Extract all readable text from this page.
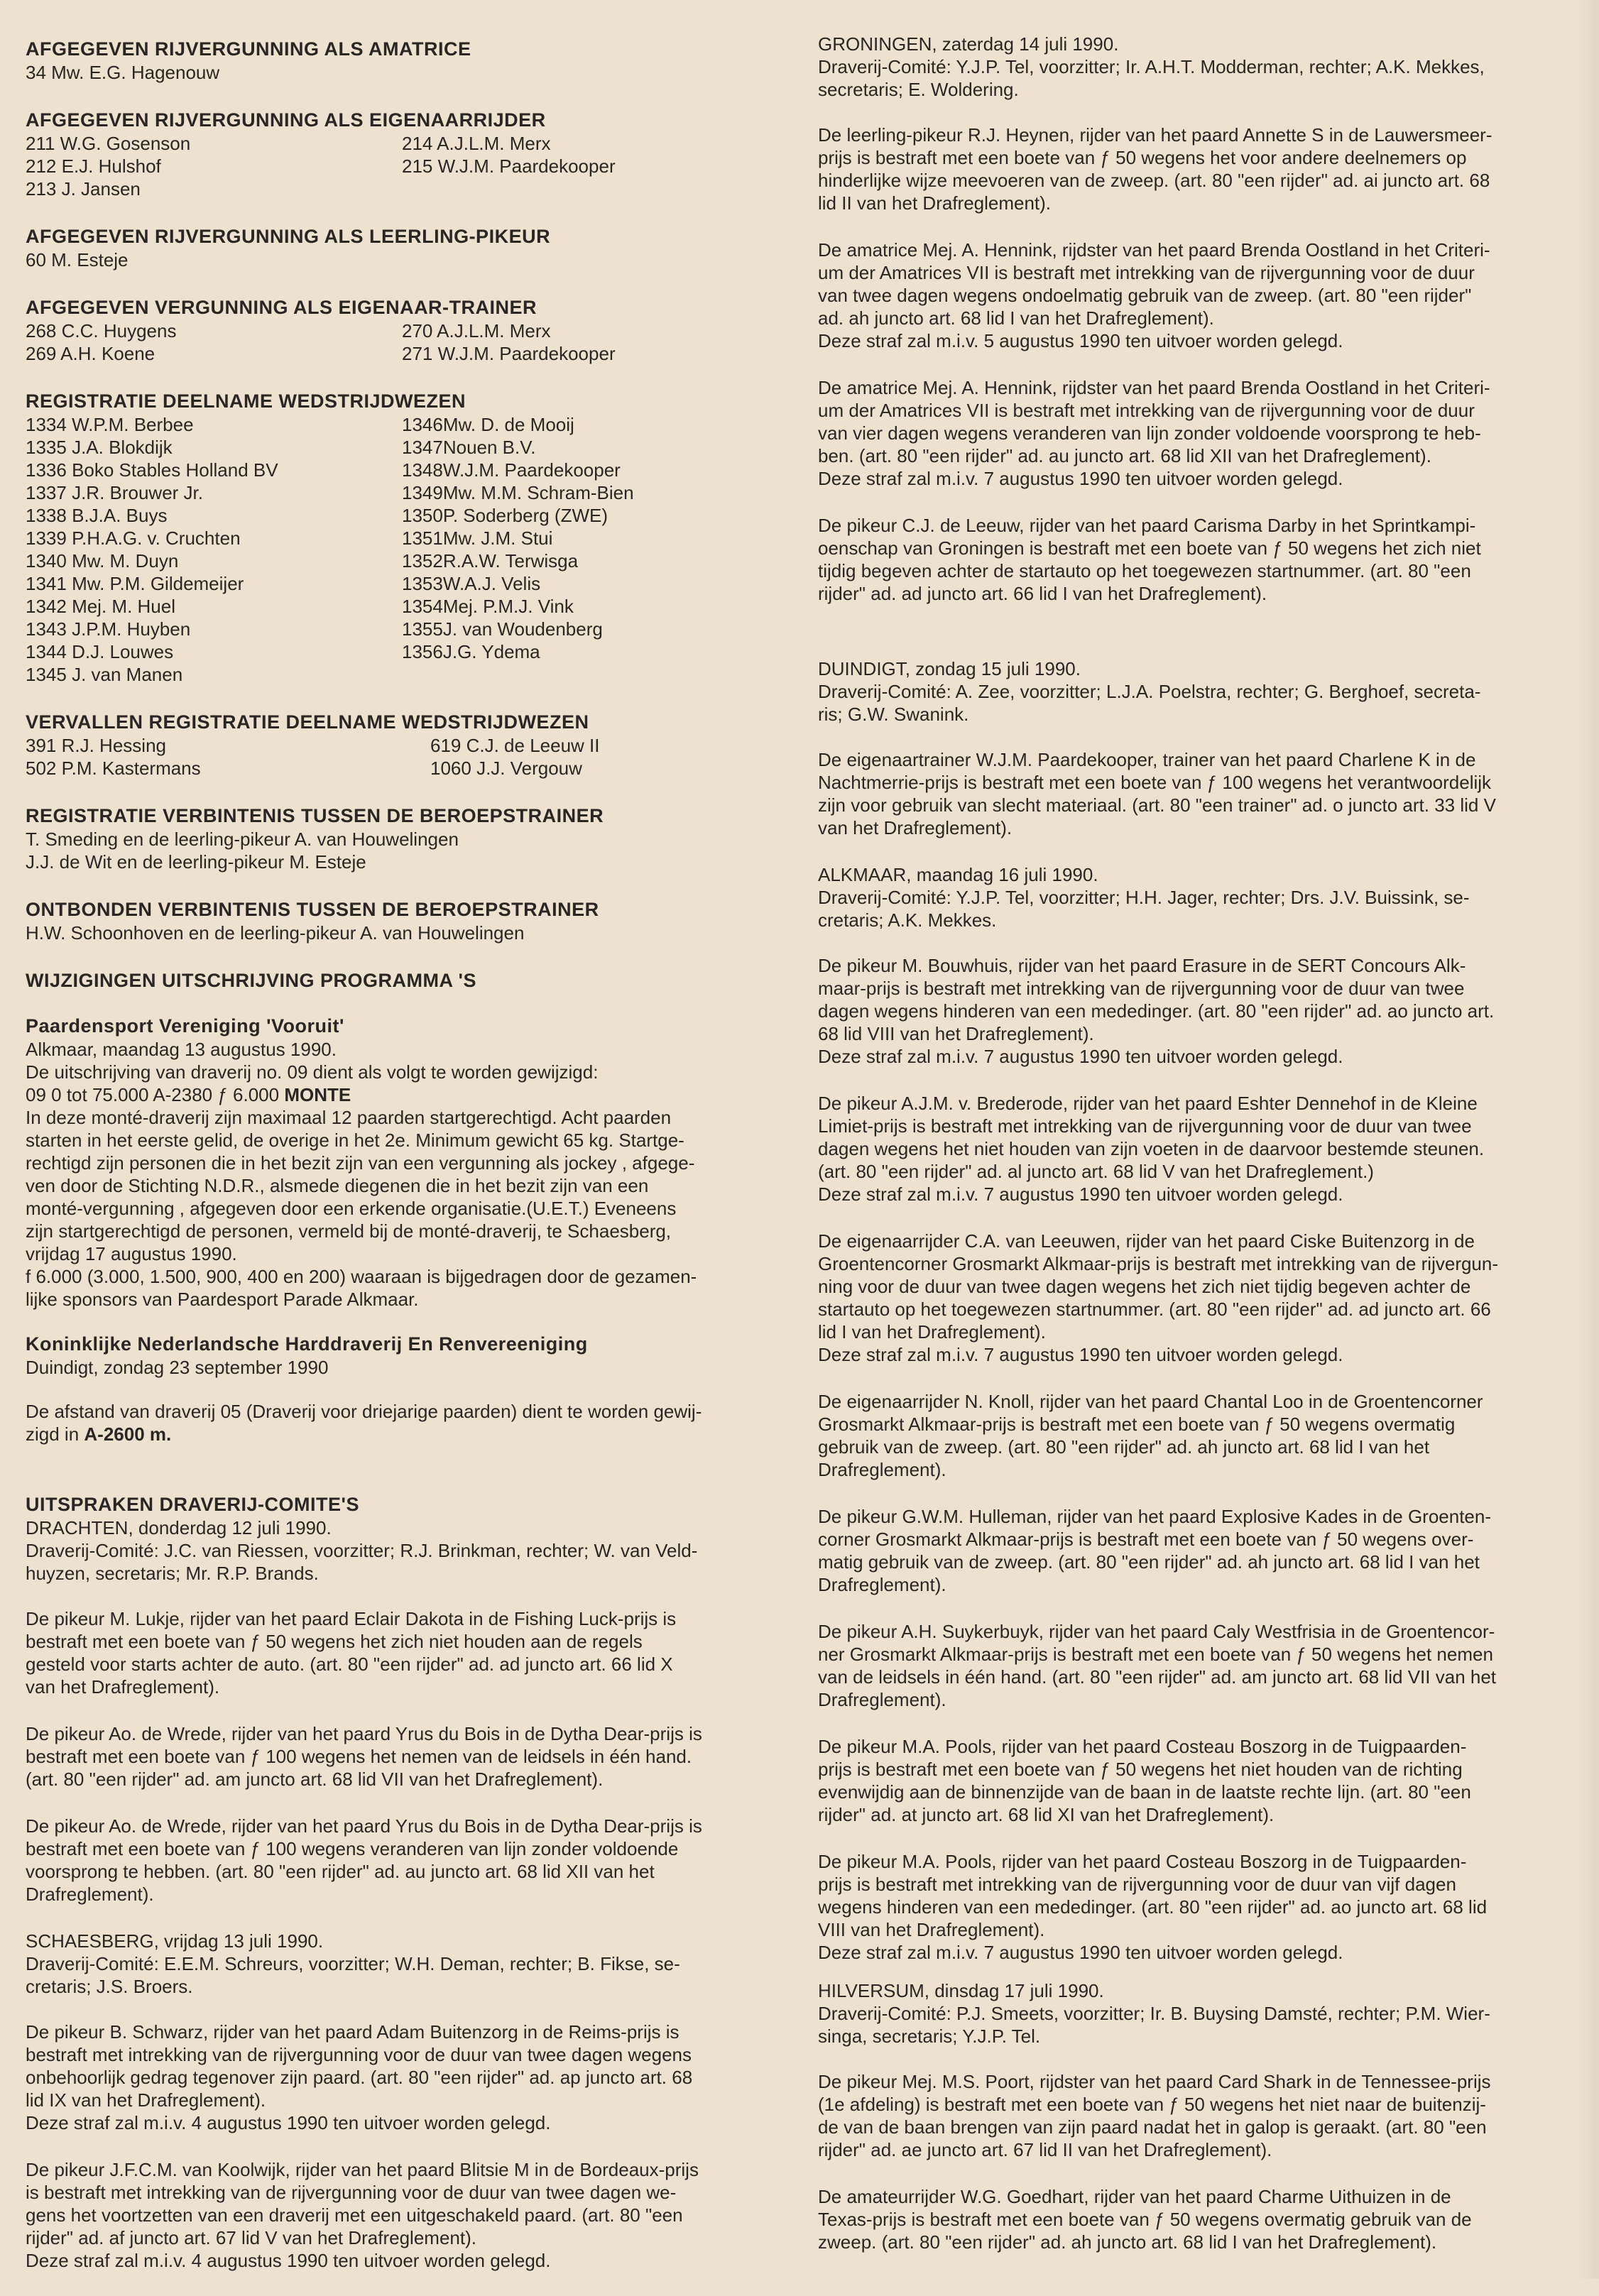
AFGEGEVEN RIJVERGUNNING ALS AMATRICE

34 Mw. E.G. Hagenouw

AFGEGEVEN RIJVERGUNNING ALS EIGENAARRIJDER

211 W.G. Gosenson
212 E.J. Hulshof
213 J. Jansen
214 A.J.L.M. Merx
215 W.J.M. Paardekooper

AFGEGEVEN RIJVERGUNNING ALS LEERLING-PIKEUR

60 M. Esteje

AFGEGEVEN VERGUNNING ALS EIGENAAR-TRAINER

268 C.C. Huygens
269 A.H. Koene
270 A.J.L.M. Merx
271 W.J.M. Paardekooper

REGISTRATIE DEELNAME WEDSTRIJDWEZEN

1334 W.P.M. Berbee
1335 J.A. Blokdijk
1336 Boko Stables Holland BV
1337 J.R. Brouwer Jr.
1338 B.J.A. Buys
1339 P.H.A.G. v. Cruchten
1340 Mw. M. Duyn
1341 Mw. P.M. Gildemeijer
1342 Mej. M. Huel
1343 J.P.M. Huyben
1344 D.J. Louwes
1345 J. van Manen
1346Mw. D. de Mooij
1347Nouen B.V.
1348W.J.M. Paardekooper
1349Mw. M.M. Schram-Bien
1350P. Soderberg (ZWE)
1351Mw. J.M. Stui
1352R.A.W. Terwisga
1353W.A.J. Velis
1354Mej. P.M.J. Vink
1355J. van Woudenberg
1356J.G. Ydema

VERVALLEN REGISTRATIE DEELNAME WEDSTRIJDWEZEN

391 R.J. Hessing
502 P.M. Kastermans
619 C.J. de Leeuw II
1060 J.J. Vergouw

REGISTRATIE VERBINTENIS TUSSEN DE BEROEPSTRAINER

T. Smeding en de leerling-pikeur A. van Houwelingen
J.J. de Wit en de leerling-pikeur M. Esteje

ONTBONDEN VERBINTENIS TUSSEN DE BEROEPSTRAINER

H.W. Schoonhoven en de leerling-pikeur A. van Houwelingen

WIJZIGINGEN UITSCHRIJVING PROGRAMMA 'S

Paardensport Vereniging 'Vooruit'

Alkmaar, maandag 13 augustus 1990.
De uitschrijving van draverij no. 09 dient als volgt te worden gewijzigd:

09 0 tot 75.000 A-2380 ƒ 6.000 MONTE

In deze monté-draverij zijn maximaal 12 paarden startgerechtigd. Acht paarden
starten in het eerste gelid, de overige in het 2e. Minimum gewicht 65 kg. Startge-
rechtigd zijn personen die in het bezit zijn van een vergunning als jockey , afgege-
ven door de Stichting N.D.R., alsmede diegenen die in het bezit zijn van een
monté-vergunning , afgegeven door een erkende organisatie.(U.E.T.) Eveneens
zijn startgerechtigd de personen, vermeld bij de monté-draverij, te Schaesberg,
vrijdag 17 augustus 1990.
f 6.000 (3.000, 1.500, 900, 400 en 200) waaraan is bijgedragen door de gezamen-
lijke sponsors van Paardesport Parade Alkmaar.

Koninklijke Nederlandsche Harddraverij En Renvereeniging

Duindigt, zondag 23 september 1990

De afstand van draverij 05 (Draverij voor driejarige paarden) dient te worden gewij-

zigd in A-2600 m.

UITSPRAKEN DRAVERIJ-COMITE'S

DRACHTEN, donderdag 12 juli 1990.
Draverij-Comité: J.C. van Riessen, voorzitter; R.J. Brinkman, rechter; W. van Veld-
huyzen, secretaris; Mr. R.P. Brands.
De pikeur M. Lukje, rijder van het paard Eclair Dakota in de Fishing Luck-prijs is
bestraft met een boete van ƒ 50 wegens het zich niet houden aan de regels
gesteld voor starts achter de auto. (art. 80 "een rijder" ad. ad juncto art. 66 lid X
van het Drafreglement).
De pikeur Ao. de Wrede, rijder van het paard Yrus du Bois in de Dytha Dear-prijs is
bestraft met een boete van ƒ 100 wegens het nemen van de leidsels in één hand.
(art. 80 "een rijder" ad. am juncto art. 68 lid VII van het Drafreglement).
De pikeur Ao. de Wrede, rijder van het paard Yrus du Bois in de Dytha Dear-prijs is
bestraft met een boete van ƒ 100 wegens veranderen van lijn zonder voldoende
voorsprong te hebben. (art. 80 "een rijder" ad. au juncto art. 68 lid XII van het
Drafreglement).
SCHAESBERG, vrijdag 13 juli 1990.
Draverij-Comité: E.E.M. Schreurs, voorzitter; W.H. Deman, rechter; B. Fikse, se-
cretaris; J.S. Broers.
De pikeur B. Schwarz, rijder van het paard Adam Buitenzorg in de Reims-prijs is
bestraft met intrekking van de rijvergunning voor de duur van twee dagen wegens
onbehoorlijk gedrag tegenover zijn paard. (art. 80 "een rijder" ad. ap juncto art. 68
lid IX van het Drafreglement).
Deze straf zal m.i.v. 4 augustus 1990 ten uitvoer worden gelegd.
De pikeur J.F.C.M. van Koolwijk, rijder van het paard Blitsie M in de Bordeaux-prijs
is bestraft met intrekking van de rijvergunning voor de duur van twee dagen we-
gens het voortzetten van een draverij met een uitgeschakeld paard. (art. 80 "een
rijder" ad. af juncto art. 67 lid V van het Drafreglement).
Deze straf zal m.i.v. 4 augustus 1990 ten uitvoer worden gelegd.
GRONINGEN, zaterdag 14 juli 1990.
Draverij-Comité: Y.J.P. Tel, voorzitter; Ir. A.H.T. Modderman, rechter; A.K. Mekkes,
secretaris; E. Woldering.
De leerling-pikeur R.J. Heynen, rijder van het paard Annette S in de Lauwersmeer-
prijs is bestraft met een boete van ƒ 50 wegens het voor andere deelnemers op
hinderlijke wijze meevoeren van de zweep. (art. 80 "een rijder" ad. ai juncto art. 68
lid II van het Drafreglement).
De amatrice Mej. A. Hennink, rijdster van het paard Brenda Oostland in het Criteri-
um der Amatrices VII is bestraft met intrekking van de rijvergunning voor de duur
van twee dagen wegens ondoelmatig gebruik van de zweep. (art. 80 "een rijder"
ad. ah juncto art. 68 lid I van het Drafreglement).
Deze straf zal m.i.v. 5 augustus 1990 ten uitvoer worden gelegd.
De amatrice Mej. A. Hennink, rijdster van het paard Brenda Oostland in het Criteri-
um der Amatrices VII is bestraft met intrekking van de rijvergunning voor de duur
van vier dagen wegens veranderen van lijn zonder voldoende voorsprong te heb-
ben. (art. 80 "een rijder" ad. au juncto art. 68 lid XII van het Drafreglement).
Deze straf zal m.i.v. 7 augustus 1990 ten uitvoer worden gelegd.
De pikeur C.J. de Leeuw, rijder van het paard Carisma Darby in het Sprintkampi-
oenschap van Groningen is bestraft met een boete van ƒ 50 wegens het zich niet
tijdig begeven achter de startauto op het toegewezen startnummer. (art. 80 "een
rijder" ad. ad juncto art. 66 lid I van het Drafreglement).
DUINDIGT, zondag 15 juli 1990.
Draverij-Comité: A. Zee, voorzitter; L.J.A. Poelstra, rechter; G. Berghoef, secreta-
ris; G.W. Swanink.
De eigenaartrainer W.J.M. Paardekooper, trainer van het paard Charlene K in de
Nachtmerrie-prijs is bestraft met een boete van ƒ 100 wegens het verantwoordelijk
zijn voor gebruik van slecht materiaal. (art. 80 "een trainer" ad. o juncto art. 33 lid V
van het Drafreglement).
ALKMAAR, maandag 16 juli 1990.
Draverij-Comité: Y.J.P. Tel, voorzitter; H.H. Jager, rechter; Drs. J.V. Buissink, se-
cretaris; A.K. Mekkes.
De pikeur M. Bouwhuis, rijder van het paard Erasure in de SERT Concours Alk-
maar-prijs is bestraft met intrekking van de rijvergunning voor de duur van twee
dagen wegens hinderen van een mededinger. (art. 80 "een rijder" ad. ao juncto art.
68 lid VIII van het Drafreglement).
Deze straf zal m.i.v. 7 augustus 1990 ten uitvoer worden gelegd.
De pikeur A.J.M. v. Brederode, rijder van het paard Eshter Dennehof in de Kleine
Limiet-prijs is bestraft met intrekking van de rijvergunning voor de duur van twee
dagen wegens het niet houden van zijn voeten in de daarvoor bestemde steunen.
(art. 80 "een rijder" ad. al juncto art. 68 lid V van het Drafreglement.)
Deze straf zal m.i.v. 7 augustus 1990 ten uitvoer worden gelegd.
De eigenaarrijder C.A. van Leeuwen, rijder van het paard Ciske Buitenzorg in de
Groentencorner Grosmarkt Alkmaar-prijs is bestraft met intrekking van de rijvergun-
ning voor de duur van twee dagen wegens het zich niet tijdig begeven achter de
startauto op het toegewezen startnummer. (art. 80 "een rijder" ad. ad juncto art. 66
lid I van het Drafreglement).
Deze straf zal m.i.v. 7 augustus 1990 ten uitvoer worden gelegd.
De eigenaarrijder N. Knoll, rijder van het paard Chantal Loo in de Groentencorner
Grosmarkt Alkmaar-prijs is bestraft met een boete van ƒ 50 wegens overmatig
gebruik van de zweep. (art. 80 "een rijder" ad. ah juncto art. 68 lid I van het
Drafreglement).
De pikeur G.W.M. Hulleman, rijder van het paard Explosive Kades in de Groenten-
corner Grosmarkt Alkmaar-prijs is bestraft met een boete van ƒ 50 wegens over-
matig gebruik van de zweep. (art. 80 "een rijder" ad. ah juncto art. 68 lid I van het
Drafreglement).
De pikeur A.H. Suykerbuyk, rijder van het paard Caly Westfrisia in de Groentencor-
ner Grosmarkt Alkmaar-prijs is bestraft met een boete van ƒ 50 wegens het nemen
van de leidsels in één hand. (art. 80 "een rijder" ad. am juncto art. 68 lid VII van het
Drafreglement).
De pikeur M.A. Pools, rijder van het paard Costeau Boszorg in de Tuigpaarden-
prijs is bestraft met een boete van ƒ 50 wegens het niet houden van de richting
evenwijdig aan de binnenzijde van de baan in de laatste rechte lijn. (art. 80 "een
rijder" ad. at juncto art. 68 lid XI van het Drafreglement).
De pikeur M.A. Pools, rijder van het paard Costeau Boszorg in de Tuigpaarden-
prijs is bestraft met intrekking van de rijvergunning voor de duur van vijf dagen
wegens hinderen van een mededinger. (art. 80 "een rijder" ad. ao juncto art. 68 lid
VIII van het Drafreglement).
Deze straf zal m.i.v. 7 augustus 1990 ten uitvoer worden gelegd.
HILVERSUM, dinsdag 17 juli 1990.
Draverij-Comité: P.J. Smeets, voorzitter; Ir. B. Buysing Damsté, rechter; P.M. Wier-
singa, secretaris; Y.J.P. Tel.
De pikeur Mej. M.S. Poort, rijdster van het paard Card Shark in de Tennessee-prijs
(1e afdeling) is bestraft met een boete van ƒ 50 wegens het niet naar de buitenzij-
de van de baan brengen van zijn paard nadat het in galop is geraakt. (art. 80 "een
rijder" ad. ae juncto art. 67 lid II van het Drafreglement).
De amateurrijder W.G. Goedhart, rijder van het paard Charme Uithuizen in de
Texas-prijs is bestraft met een boete van ƒ 50 wegens overmatig gebruik van de
zweep. (art. 80 "een rijder" ad. ah juncto art. 68 lid I van het Drafreglement).
